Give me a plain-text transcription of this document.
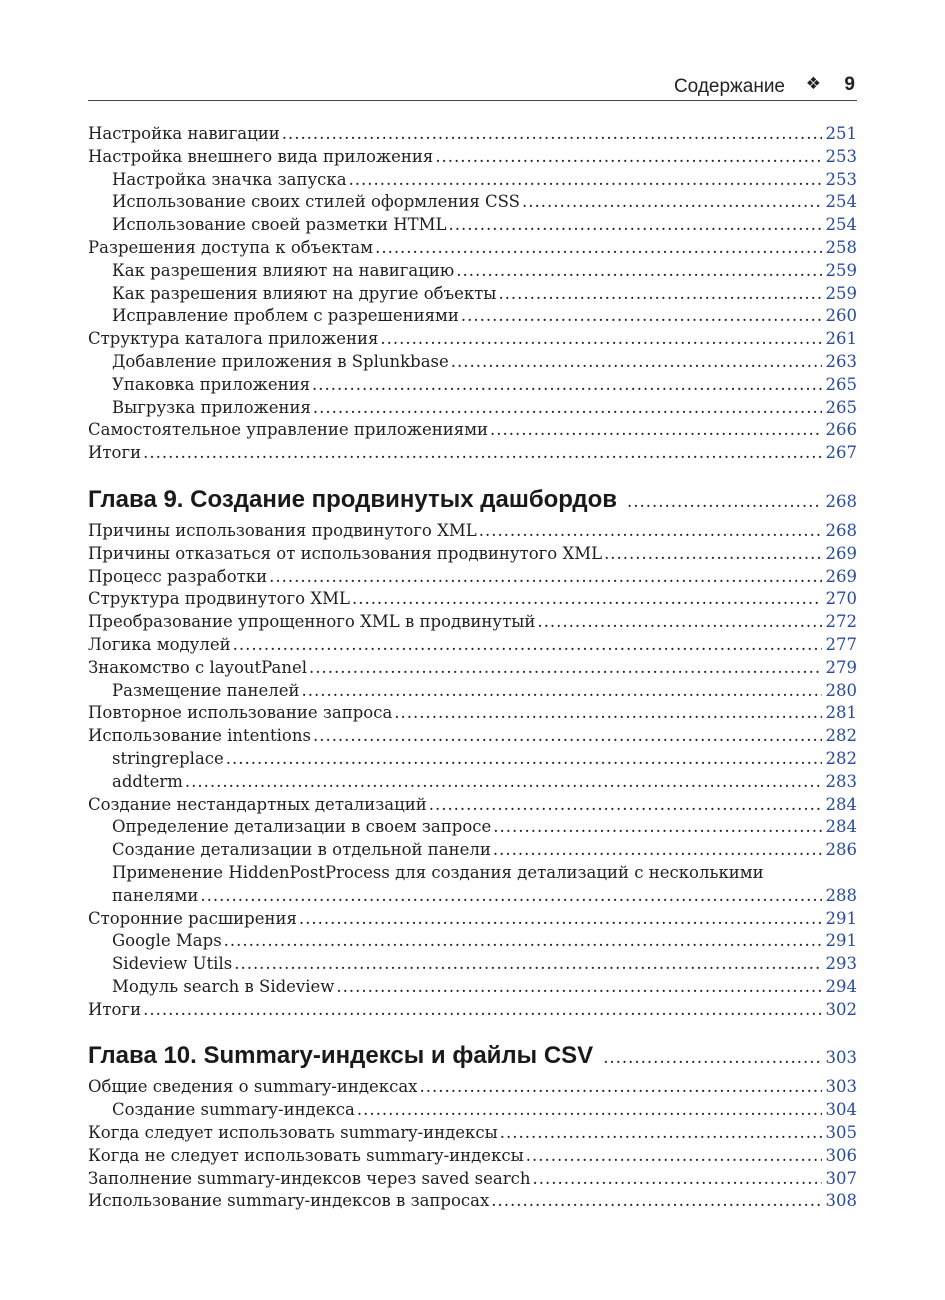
Содержание ❖ 9
Настройка навигации .....	251
Настройка внешнего вида приложения .....	253
Настройка значка запуска .....	253
Использование своих стилей оформления CSS .....	254
Использование своей разметки HTML .....	254
Разрешения доступа к объектам .....	258
Как разрешения влияют на навигацию .....	259
Как разрешения влияют на другие объекты .....	259
Исправление проблем с разрешениями .....	260
Структура каталога приложения .....	261
Добавление приложения в Splunkbase .....	263
Упаковка приложения .....	265
Выгрузка приложения .....	265
Самостоятельное управление приложениями .....	266
Итоги .....	267
Глава 9. Создание продвинутых дашбордов .....	268
Причины использования продвинутого XML .....	268
Причины отказаться от использования продвинутого XML .....	269
Процесс разработки .....	269
Структура продвинутого XML .....	270
Преобразование упрощенного XML в продвинутый .....	272
Логика модулей .....	277
Знакомство с layoutPanel .....	279
Размещение панелей .....	280
Повторное использование запроса .....	281
Использование intentions .....	282
stringreplace .....	282
addterm .....	283
Создание нестандартных детализаций .....	284
Определение детализации в своем запросе .....	284
Создание детализации в отдельной панели .....	286
Применение HiddenPostProcess для создания детализаций с несколькими
панелями .....	288
Сторонние расширения .....	291
Google Maps .....	291
Sideview Utils .....	293
Модуль search в Sideview .....	294
Итоги .....	302
Глава 10. Summary-индексы и файлы CSV .....	303
Общие сведения о summary-индексах .....	303
Создание summary-индекса .....	304
Когда следует использовать summary-индексы .....	305
Когда не следует использовать summary-индексы .....	306
Заполнение summary-индексов через saved search .....	307
Использование summary-индексов в запросах .....	308
